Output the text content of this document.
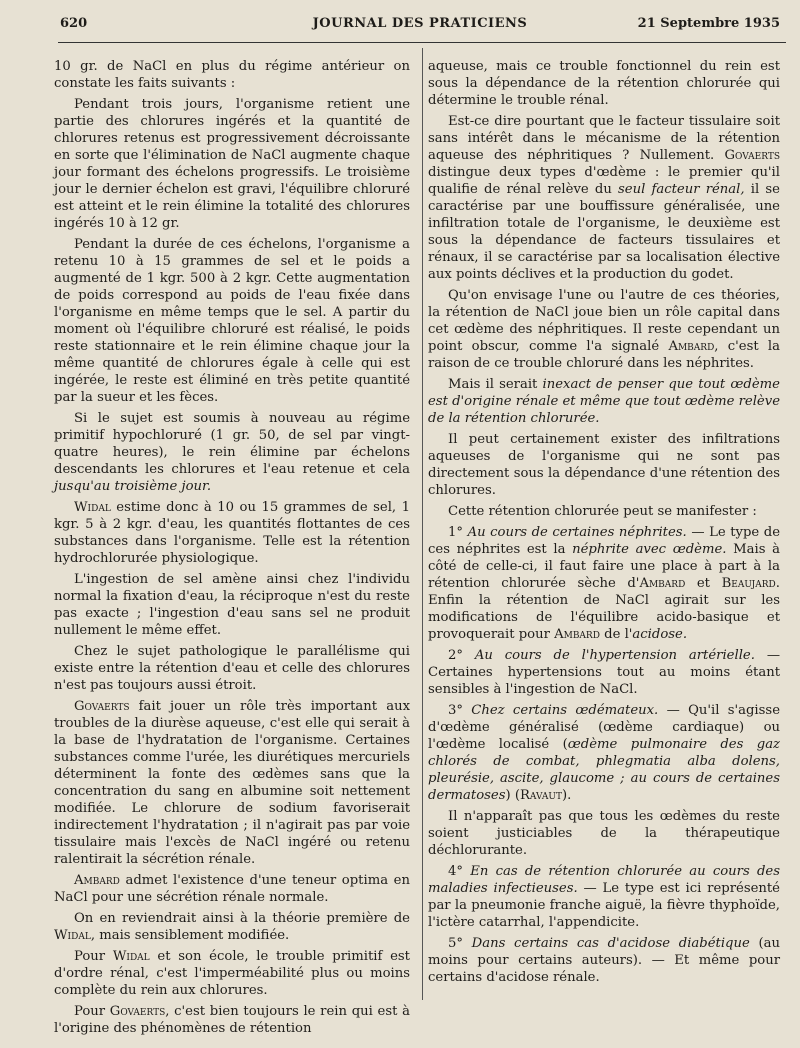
620	JOURNAL DES PRATICIENS	21 Septembre 1935

10 gr. de NaCl en plus du régime antérieur on constate les faits suivants :

Pendant trois jours, l'organisme retient une partie des chlorures ingérés et la quantité de chlorures retenus est progressivement décroissante en sorte que l'élimination de NaCl augmente chaque jour formant des échelons progressifs. Le troisième jour le dernier échelon est gravi, l'équilibre chloruré est atteint et le rein élimine la totalité des chlorures ingérés 10 à 12 gr.

Pendant la durée de ces échelons, l'organisme a retenu 10 à 15 grammes de sel et le poids a augmenté de 1 kgr. 500 à 2 kgr. Cette augmentation de poids correspond au poids de l'eau fixée dans l'organisme en même temps que le sel. A partir du moment où l'équilibre chloruré est réalisé, le poids reste stationnaire et le rein élimine chaque jour la même quantité de chlorures égale à celle qui est ingérée, le reste est éliminé en très petite quantité par la sueur et les fèces.

Si le sujet est soumis à nouveau au régime primitif hypochloruré (1 gr. 50, de sel par vingt-quatre heures), le rein élimine par échelons descendants les chlorures et l'eau retenue et cela jusqu'au troisième jour.

Widal estime donc à 10 ou 15 grammes de sel, 1 kgr. 5 à 2 kgr. d'eau, les quantités flottantes de ces substances dans l'organisme. Telle est la rétention hydrochlorurée physiologique.

L'ingestion de sel amène ainsi chez l'individu normal la fixation d'eau, la réciproque n'est du reste pas exacte ; l'ingestion d'eau sans sel ne produit nullement le même effet.

Chez le sujet pathologique le parallélisme qui existe entre la rétention d'eau et celle des chlorures n'est pas toujours aussi étroit.

Govaerts fait jouer un rôle très important aux troubles de la diurèse aqueuse, c'est elle qui serait à la base de l'hydratation de l'organisme. Certaines substances comme l'urée, les diurétiques mercuriels déterminent la fonte des œdèmes sans que la concentration du sang en albumine soit nettement modifiée. Le chlorure de sodium favoriserait indirectement l'hydratation ; il n'agirait pas par voie tissulaire mais l'excès de NaCl ingéré ou retenu ralentirait la sécrétion rénale.

Ambard admet l'existence d'une teneur optima en NaCl pour une sécrétion rénale normale.

On en reviendrait ainsi à la théorie première de Widal, mais sensiblement modifiée.

Pour Widal et son école, le trouble primitif est d'ordre rénal, c'est l'imperméabilité plus ou moins complète du rein aux chlorures.

Pour Govaerts, c'est bien toujours le rein qui est à l'origine des phénomènes de rétention

aqueuse, mais ce trouble fonctionnel du rein est sous la dépendance de la rétention chlorurée qui détermine le trouble rénal.

Est-ce dire pourtant que le facteur tissulaire soit sans intérêt dans le mécanisme de la rétention aqueuse des néphritiques ? Nullement. Govaerts distingue deux types d'œdème : le premier qu'il qualifie de rénal relève du seul facteur rénal, il se caractérise par une bouffissure généralisée, une infiltration totale de l'organisme, le deuxième est sous la dépendance de facteurs tissulaires et rénaux, il se caractérise par sa localisation élective aux points déclives et la production du godet.

Qu'on envisage l'une ou l'autre de ces théories, la rétention de NaCl joue bien un rôle capital dans cet œdème des néphritiques. Il reste cependant un point obscur, comme l'a signalé Ambard, c'est la raison de ce trouble chloruré dans les néphrites.

Mais il serait inexact de penser que tout œdème est d'origine rénale et même que tout œdème relève de la rétention chlorurée.

Il peut certainement exister des infiltrations aqueuses de l'organisme qui ne sont pas directement sous la dépendance d'une rétention des chlorures.

Cette rétention chlorurée peut se manifester :

1° Au cours de certaines néphrites. — Le type de ces néphrites est la néphrite avec œdème. Mais à côté de celle-ci, il faut faire une place à part à la rétention chlorurée sèche d'Ambard et Beaujard. Enfin la rétention de NaCl agirait sur les modifications de l'équilibre acido-basique et provoquerait pour Ambard de l'acidose.

2° Au cours de l'hypertension artérielle. — Certaines hypertensions tout au moins étant sensibles à l'ingestion de NaCl.

3° Chez certains œdémateux. — Qu'il s'agisse d'œdème généralisé (œdème cardiaque) ou l'œdème localisé (œdème pulmonaire des gaz chlorés de combat, phlegmatia alba dolens, pleurésie, ascite, glaucome ; au cours de certaines dermatoses) (Ravaut).

Il n'apparaît pas que tous les œdèmes du reste soient justiciables de la thérapeutique déchlorurante.

4° En cas de rétention chlorurée au cours des maladies infectieuses. — Le type est ici représenté par la pneumonie franche aiguë, la fièvre thyphoïde, l'ictère catarrhal, l'appendicite.

5° Dans certains cas d'acidose diabétique (au moins pour certains auteurs). — Et même pour certains d'acidose rénale.
